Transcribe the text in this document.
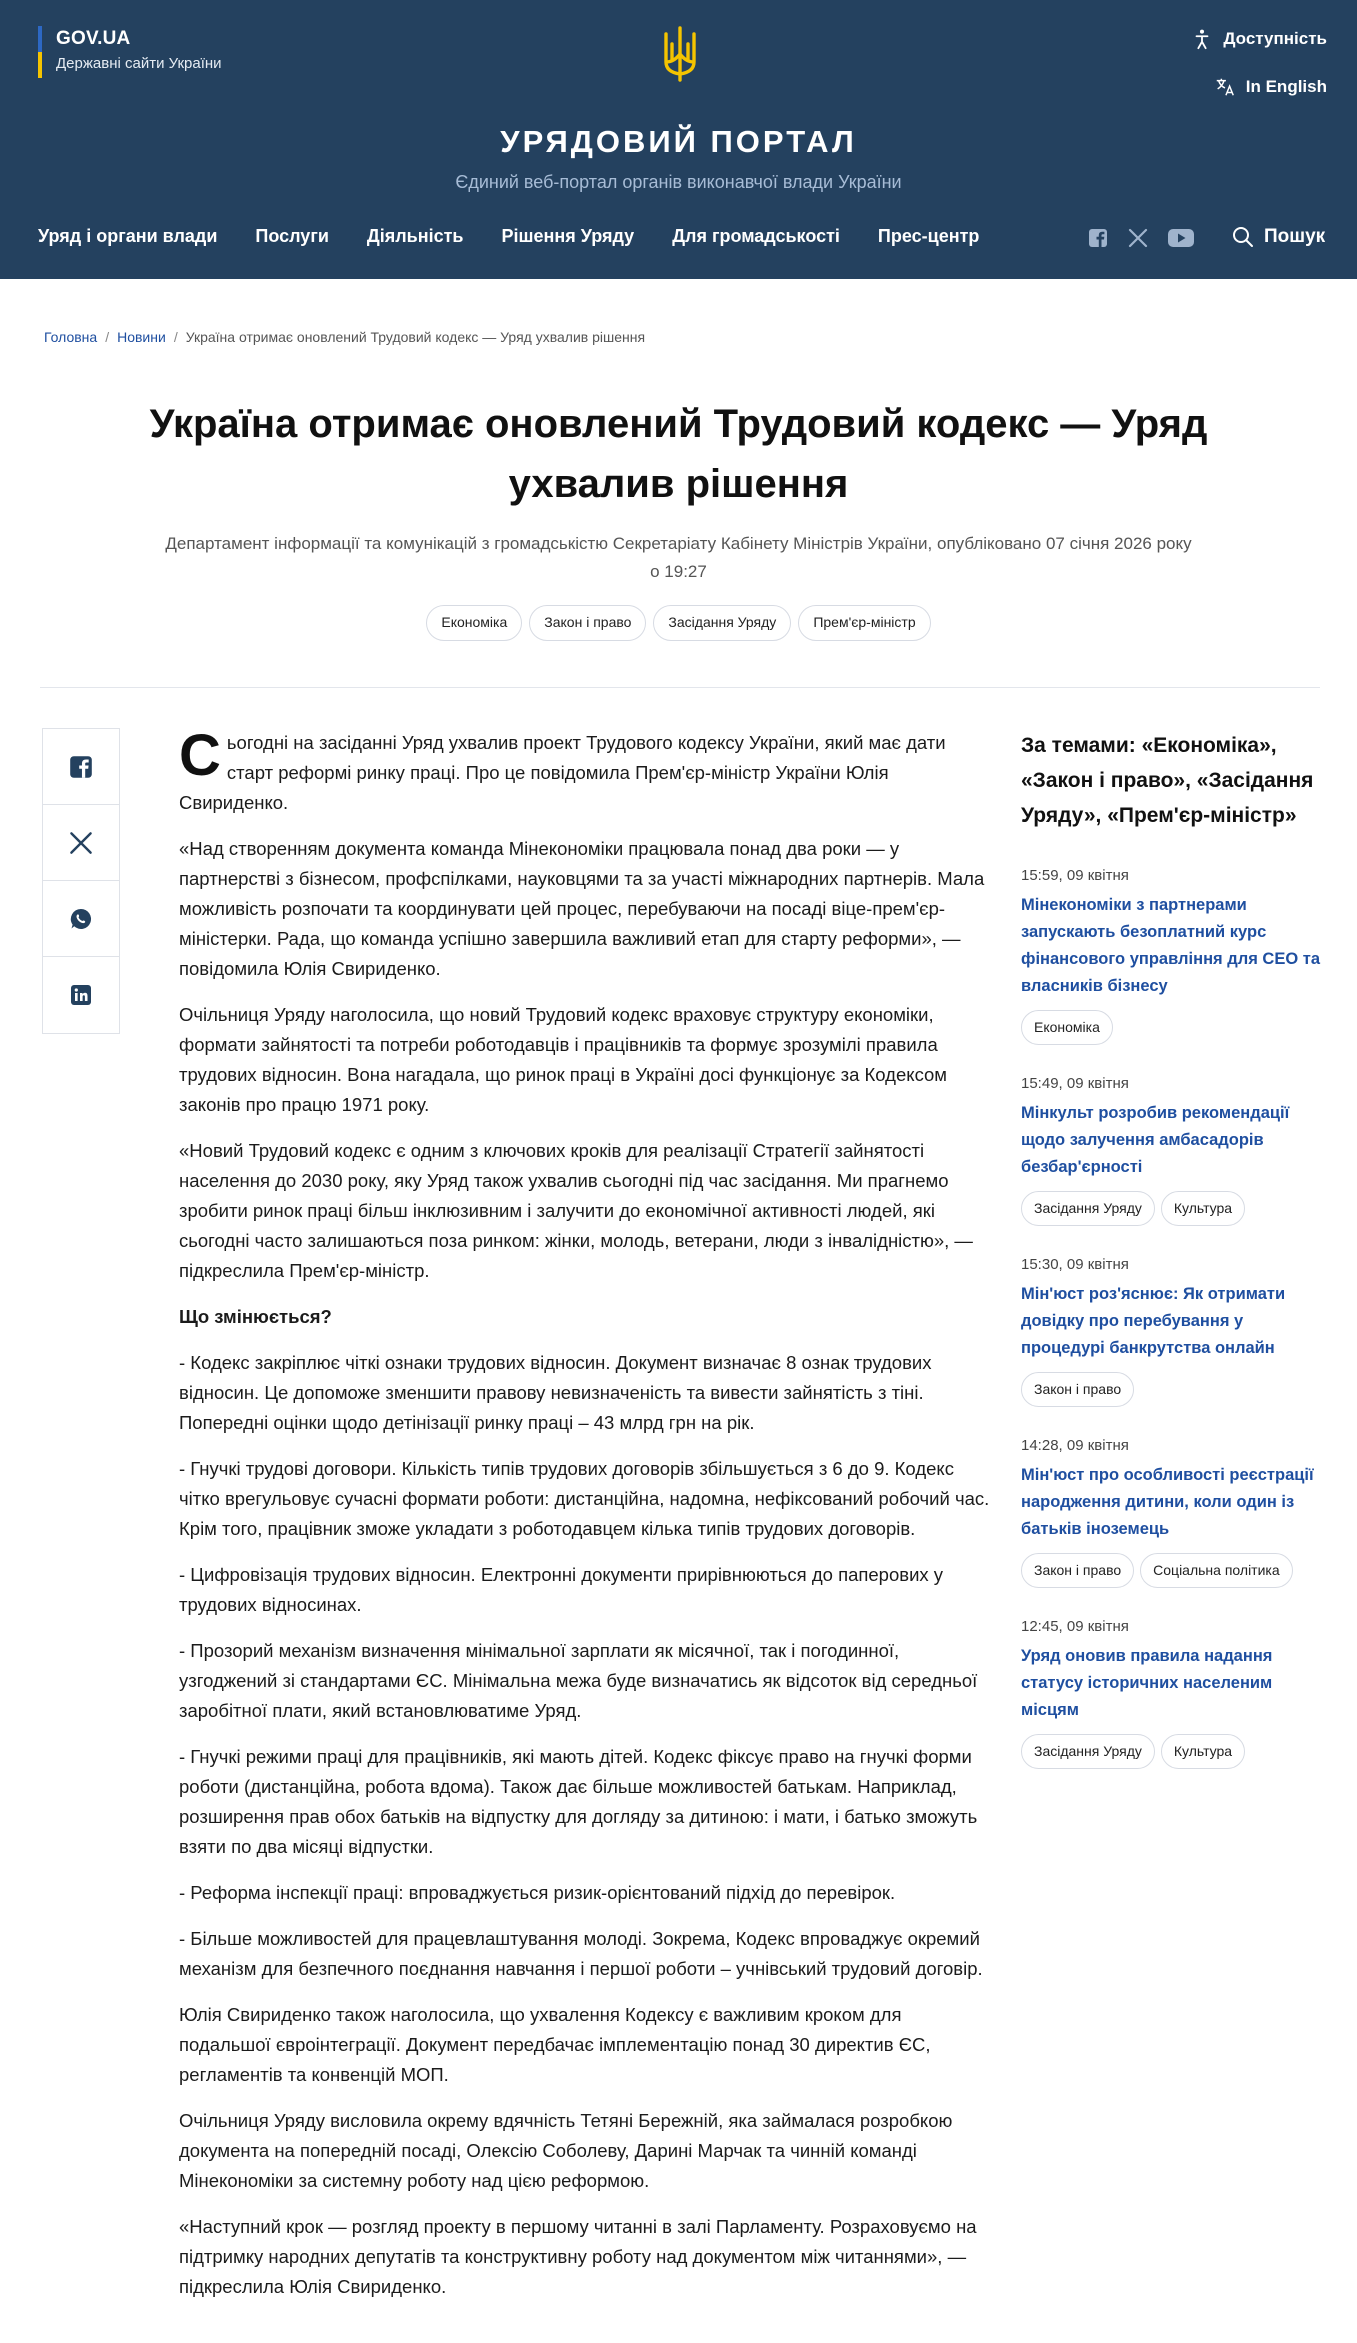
GOV.UA
Державні сайти України
Доступність
In English
УРЯДОВИЙ ПОРТАЛ
Єдиний веб-портал органів виконавчої влади України
Уряд і органи влади Послуги Діяльність Рішення Уряду Для громадськості Прес-центр	Пошук
Головна / Новини / Україна отримає оновлений Трудовий кодекс — Уряд ухвалив рішення
Україна отримає оновлений Трудовий кодекс — Уряд ухвалив рішення
Департамент інформації та комунікацій з громадськістю Секретаріату Кабінету Міністрів України, опубліковано 07 січня 2026 року о 19:27
Економіка	Закон і право	Засідання Уряду	Прем'єр-міністр

Сьогодні на засіданні Уряд ухвалив проект Трудового кодексу України, який має дати старт реформі ринку праці. Про це повідомила Прем'єр-міністр України Юлія Свириденко.

«Над створенням документа команда Мінекономіки працювала понад два роки — у партнерстві з бізнесом, профспілками, науковцями та за участі міжнародних партнерів. Мала можливість розпочати та координувати цей процес, перебуваючи на посаді віце-прем'єр-міністерки. Рада, що команда успішно завершила важливий етап для старту реформи», — повідомила Юлія Свириденко.

Очільниця Уряду наголосила, що новий Трудовий кодекс враховує структуру економіки, формати зайнятості та потреби роботодавців і працівників та формує зрозумілі правила трудових відносин. Вона нагадала, що ринок праці в Україні досі функціонує за Кодексом законів про працю 1971 року.

«Новий Трудовий кодекс є одним з ключових кроків для реалізації Стратегії зайнятості населення до 2030 року, яку Уряд також ухвалив сьогодні під час засідання. Ми прагнемо зробити ринок праці більш інклюзивним і залучити до економічної активності людей, які сьогодні часто залишаються поза ринком: жінки, молодь, ветерани, люди з інвалідністю», — підкреслила Прем'єр-міністр.

Що змінюється?

- Кодекс закріплює чіткі ознаки трудових відносин. Документ визначає 8 ознак трудових відносин. Це допоможе зменшити правову невизначеність та вивести зайнятість з тіні. Попередні оцінки щодо детінізації ринку праці – 43 млрд грн на рік.

- Гнучкі трудові договори. Кількість типів трудових договорів збільшується з 6 до 9. Кодекс чітко врегульовує сучасні формати роботи: дистанційна, надомна, нефіксований робочий час. Крім того, працівник зможе укладати з роботодавцем кілька типів трудових договорів.

- Цифровізація трудових відносин. Електронні документи прирівнюються до паперових у трудових відносинах.

- Прозорий механізм визначення мінімальної зарплати як місячної, так і погодинної, узгоджений зі стандартами ЄС. Мінімальна межа буде визначатись як відсоток від середньої заробітної плати, який встановлюватиме Уряд.

- Гнучкі режими праці для працівників, які мають дітей. Кодекс фіксує право на гнучкі форми роботи (дистанційна, робота вдома). Також дає більше можливостей батькам. Наприклад, розширення прав обох батьків на відпустку для догляду за дитиною: і мати, і батько зможуть взяти по два місяці відпустки.

- Реформа інспекції праці: впроваджується ризик-орієнтований підхід до перевірок.

- Більше можливостей для працевлаштування молоді. Зокрема, Кодекс впроваджує окремий механізм для безпечного поєднання навчання і першої роботи – учнівський трудовий договір.

Юлія Свириденко також наголосила, що ухвалення Кодексу є важливим кроком для подальшої євроінтеграції. Документ передбачає імплементацію понад 30 директив ЄС, регламентів та конвенцій МОП.

Очільниця Уряду висловила окрему вдячність Тетяні Бережній, яка займалася розробкою документа на попередній посаді, Олексію Соболеву, Дарині Марчак та чинній команді Мінекономіки за системну роботу над цією реформою.

«Наступний крок — розгляд проекту в першому читанні в залі Парламенту. Розраховуємо на підтримку народних депутатів та конструктивну роботу над документом між читаннями», — підкреслила Юлія Свириденко.

За темами: «Економіка», «Закон і право», «Засідання Уряду», «Прем'єр-міністр»
15:59, 09 квітня
Мінекономіки з партнерами запускають безоплатний курс фінансового управління для CEO та власників бізнесу
Економіка
15:49, 09 квітня
Мінкульт розробив рекомендації щодо залучення амбасадорів безбар'єрності
Засідання Уряду	Культура
15:30, 09 квітня
Мін'юст роз'яснює: Як отримати довідку про перебування у процедурі банкрутства онлайн
Закон і право
14:28, 09 квітня
Мін'юст про особливості реєстрації народження дитини, коли один із батьків іноземець
Закон і право	Соціальна політика
12:45, 09 квітня
Уряд оновив правила надання статусу історичних населеним місцям
Засідання Уряду	Культура
